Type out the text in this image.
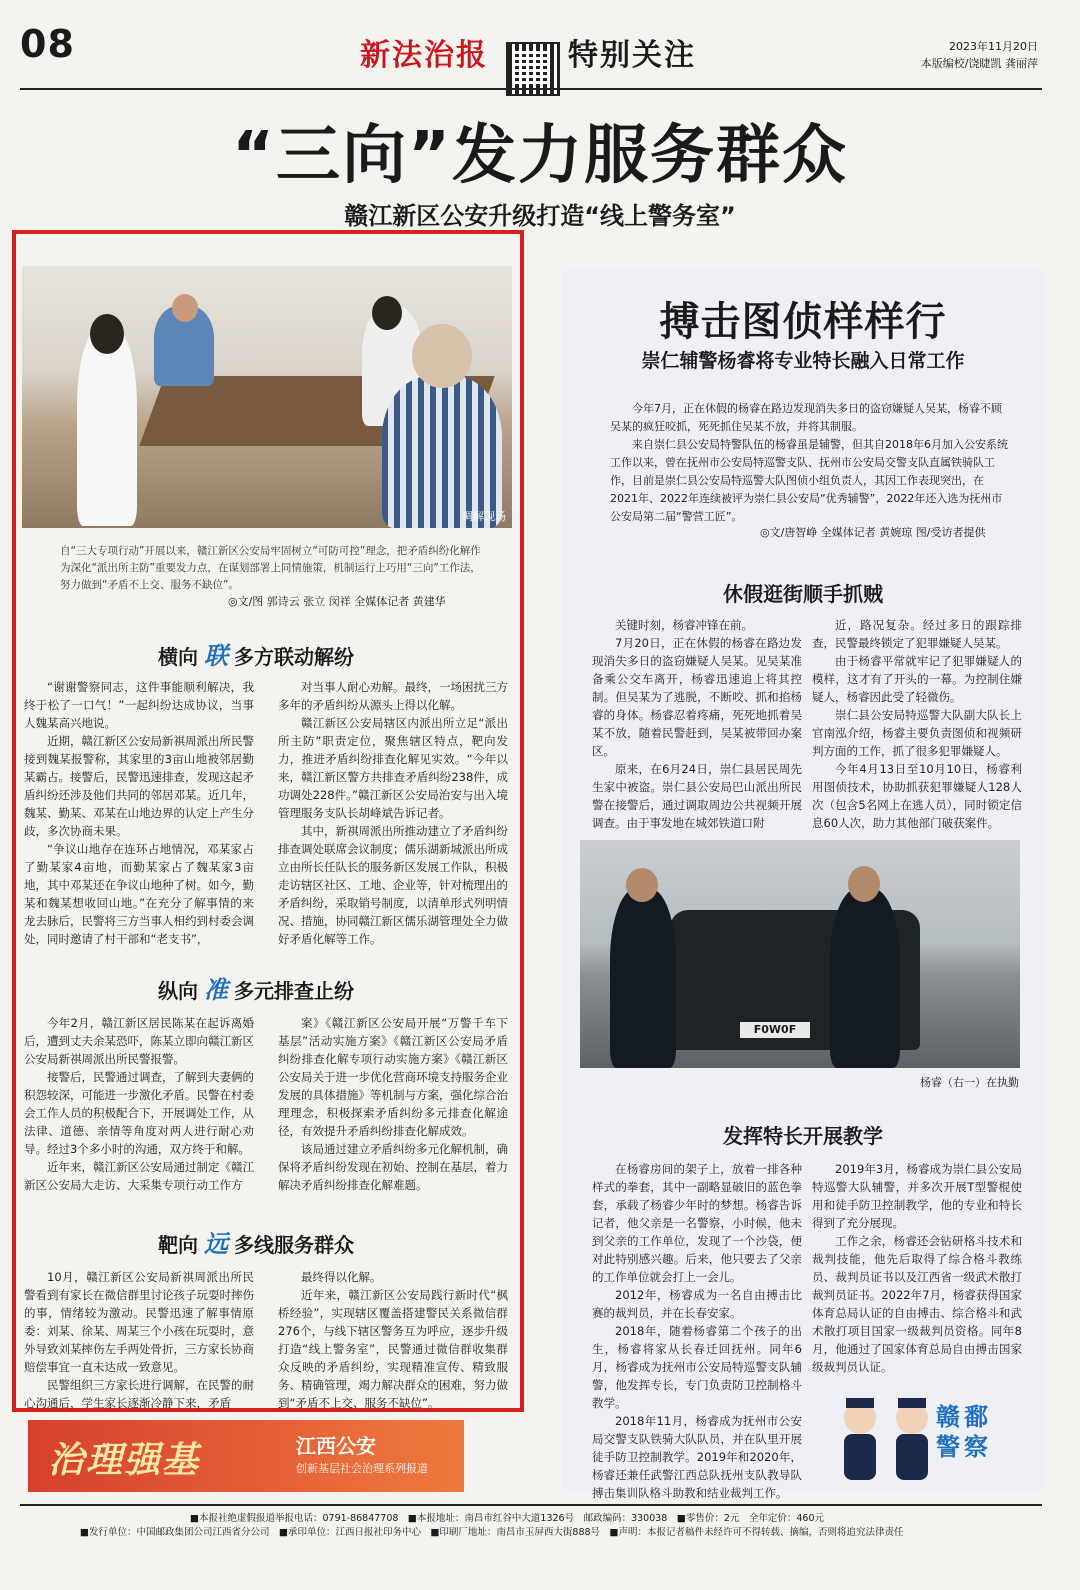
08	新法治报	特别关注	2023年11月20日
本版编校/饶睫凯 龚丽萍
“三向”发力服务群众
赣江新区公安升级打造“线上警务室”
调解现场
自“三大专项行动”开展以来，赣江新区公安局牢固树立“可防可控”理念，把矛盾纠纷化解作为深化“派出所主防”重要发力点，在谋划部署上同情施策，机制运行上巧用“三向”工作法，努力做到“矛盾不上交、服务不缺位”。
◎文/图 郭诗云 张立 闵祥 全媒体记者 黄建华
横向 联 多方联动解纷

“谢谢警察同志，这件事能顺利解决，我终于松了一口气！”一起纠纷达成协议，当事人魏某高兴地说。

近期，赣江新区公安局新祺周派出所民警接到魏某报警称，其家里的3亩山地被邻居勤某霸占。接警后，民警迅速排查，发现这起矛盾纠纷还涉及他们共同的邻居邓某。近几年，魏某、勤某、邓某在山地边界的认定上产生分歧，多次协商未果。

“争议山地存在连环占地情况，邓某家占了勤某家4亩地，而勤某家占了魏某家3亩地，其中邓某还在争议山地种了树。如今，勤某和魏某想收回山地。”在充分了解事情的来龙去脉后，民警将三方当事人相约到村委会调处，同时邀请了村干部和“老支书”，

对当事人耐心劝解。最终，一场困扰三方多年的矛盾纠纷从源头上得以化解。

赣江新区公安局辖区内派出所立足“派出所主防”职责定位，聚焦辖区特点，靶向发力，推进矛盾纠纷排查化解见实效。“今年以来，赣江新区警方共排查矛盾纠纷238件，成功调处228件。”赣江新区公安局治安与出入境管理服务支队长胡峰斌告诉记者。

其中，新祺周派出所推动建立了矛盾纠纷排查调处联席会议制度；儒乐湖新城派出所成立由所长任队长的服务新区发展工作队，积极走访辖区社区、工地、企业等，针对梳理出的矛盾纠纷，采取销号制度，以清单形式列明情况、措施，协同赣江新区儒乐湖管理处全力做好矛盾化解等工作。

纵向 准 多元排查止纷

今年2月，赣江新区居民陈某在起诉离婚后，遭到丈夫余某恐吓，陈某立即向赣江新区公安局新祺周派出所民警报警。

接警后，民警通过调查，了解到夫妻俩的积怨较深，可能进一步激化矛盾。民警在村委会工作人员的积极配合下，开展调处工作，从法律、道德、亲情等角度对两人进行耐心劝导。经过3个多小时的沟通，双方终于和解。

近年来，赣江新区公安局通过制定《赣江新区公安局大走访、大采集专项行动工作方

案》《赣江新区公安局开展“万警千车下基层”活动实施方案》《赣江新区公安局矛盾纠纷排查化解专项行动实施方案》《赣江新区公安局关于进一步优化营商环境支持服务企业发展的具体措施》等机制与方案，强化综合治理理念，积极探索矛盾纠纷多元排查化解途径，有效提升矛盾纠纷排查化解成效。

该局通过建立矛盾纠纷多元化解机制，确保将矛盾纠纷发现在初始、控制在基层，着力解决矛盾纠纷排查化解难题。

靶向 远 多线服务群众

10月，赣江新区公安局新祺周派出所民警看到有家长在微信群里讨论孩子玩耍时摔伤的事，情绪较为激动。民警迅速了解事情原委：刘某、徐某、周某三个小孩在玩耍时，意外导致刘某摔伤左手两处骨折，三方家长协商赔偿事宜一直未达成一致意见。

民警组织三方家长进行调解，在民警的耐心沟通后，学生家长逐渐冷静下来，矛盾

最终得以化解。

近年来，赣江新区公安局践行新时代“枫桥经验”，实现辖区覆盖搭建警民关系微信群276个，与线下辖区警务互为呼应，逐步升级打造“线上警务室”，民警通过微信群收集群众反映的矛盾纠纷，实现精准宣传、精致服务、精确管理，竭力解决群众的困难，努力做到“矛盾不上交、服务不缺位”。

搏击图侦样样行
崇仁辅警杨睿将专业特长融入日常工作

今年7月，正在休假的杨睿在路边发现消失多日的盗窃嫌疑人吴某，杨睿不顾吴某的疯狂咬抓，死死抓住吴某不放，并将其制服。

来自崇仁县公安局特警队伍的杨睿虽是辅警，但其自2018年6月加入公安系统工作以来，曾在抚州市公安局特巡警支队、抚州市公安局交警支队直属铁骑队工作，目前是崇仁县公安局特巡警大队图侦小组负责人，其因工作表现突出，在2021年、2022年连续被评为崇仁县公安局“优秀辅警”，2022年还入选为抚州市公安局第二届“警营工匠”。

◎文/唐智峥 全媒体记者 黄婉琼 图/受访者提供
休假逛街顺手抓贼

关键时刻，杨睿冲锋在前。

7月20日，正在休假的杨睿在路边发现消失多日的盗窃嫌疑人吴某。见吴某准备乘公交车离开，杨睿迅速追上将其控制。但吴某为了逃脱，不断咬、抓和掐杨睿的身体。杨睿忍着疼痛，死死地抓着吴某不放，随着民警赶到，吴某被带回办案区。

原来，在6月24日，崇仁县居民周先生家中被盗。崇仁县公安局巴山派出所民警在接警后，通过调取周边公共视频开展调查。由于事发地在城郊铁道口附

近，路况复杂。经过多日的跟踪排查，民警最终锁定了犯罪嫌疑人吴某。

由于杨睿平常就牢记了犯罪嫌疑人的模样，这才有了开头的一幕。为控制住嫌疑人，杨睿因此受了轻微伤。

崇仁县公安局特巡警大队副大队长上官南泓介绍，杨睿主要负责图侦和视频研判方面的工作，抓了很多犯罪嫌疑人。

今年4月13日至10月10日，杨睿利用图侦技术，协助抓获犯罪嫌疑人128人次（包含5名网上在逃人员），同时锁定信息60人次，助力其他部门破获案件。

F0W0F
杨睿（右一）在执勤
发挥特长开展教学

在杨睿房间的架子上，放着一排各种样式的拳套，其中一副略显破旧的蓝色拳套，承载了杨睿少年时的梦想。杨睿告诉记者，他父亲是一名警察，小时候，他未到父亲的工作单位，发现了一个沙袋，便对此特别感兴趣。后来，他只要去了父亲的工作单位就会打上一会儿。

2012年，杨睿成为一名自由搏击比赛的裁判员，并在长春安家。

2018年，随着杨睿第二个孩子的出生，杨睿将家从长春迁回抚州。同年6月，杨睿成为抚州市公安局特巡警支队辅警，他发挥专长，专门负责防卫控制格斗教学。

2018年11月，杨睿成为抚州市公安局交警支队铁骑大队队员，并在队里开展徒手防卫控制教学。2019年和2020年，杨睿还兼任武警江西总队抚州支队教导队搏击集训队格斗助教和结业裁判工作。

2019年3月，杨睿成为崇仁县公安局特巡警大队辅警，并多次开展T型警棍使用和徒手防卫控制教学，他的专业和特长得到了充分展现。

工作之余，杨睿还会钻研格斗技术和裁判技能，他先后取得了综合格斗教练员、裁判员证书以及江西省一级武术散打裁判员证书。2022年7月，杨睿获得国家体育总局认证的自由搏击、综合格斗和武术散打项目国家一级裁判员资格。同年8月，他通过了国家体育总局自由搏击国家级裁判员认证。

治理强基	江西公安
创新基层社会治理系列报道
赣鄱
警察
■本报社绝虚假报道举报电话：0791-86847708　■本报地址：南昌市红谷中大道1326号　邮政编码：330038　■零售价：2元　全年定价：460元
■发行单位：中国邮政集团公司江西省分公司　■承印单位：江西日报社印务中心　■印刷厂地址：南昌市玉屏西大街888号　■声明：本报记者稿件未经许可不得转载、摘编，否则将追究法律责任
